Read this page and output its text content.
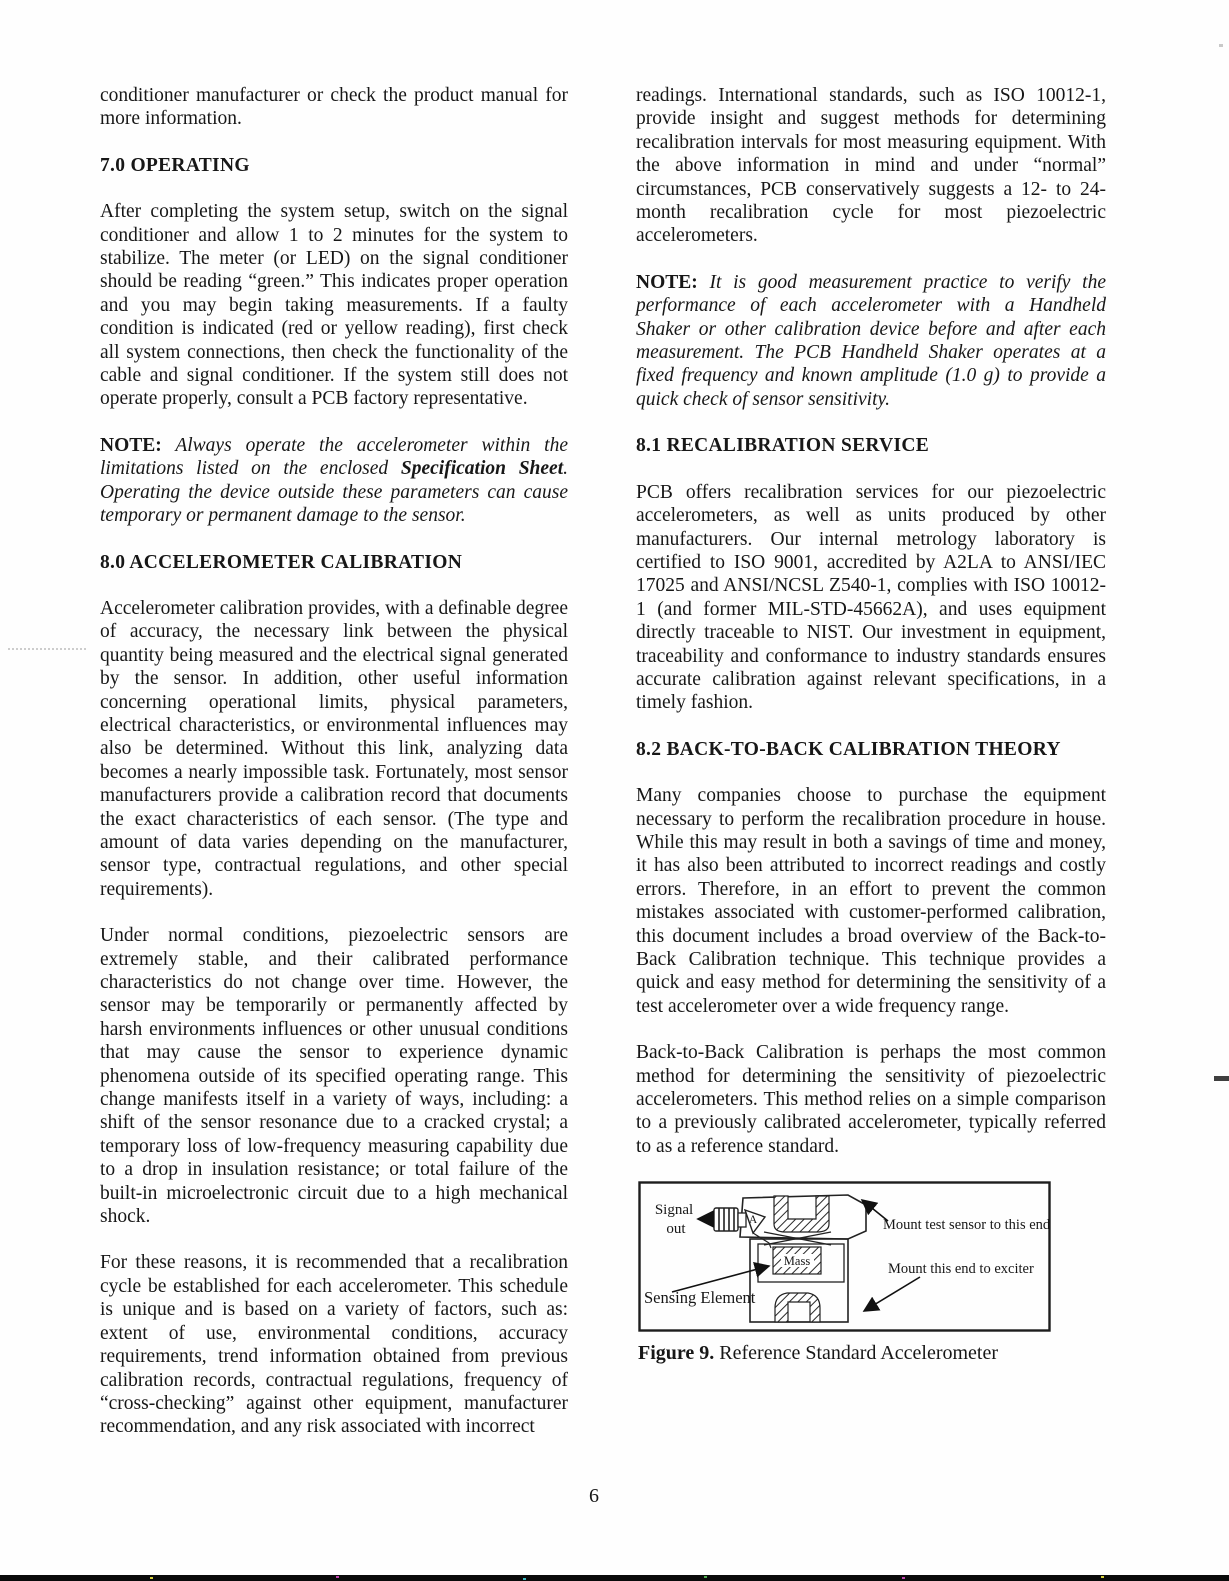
conditioner manufacturer or check the product manual for more information.

7.0 OPERATING

After completing the system setup, switch on the signal conditioner and allow 1 to 2 minutes for the system to stabilize. The meter (or LED) on the signal conditioner should be reading “green.” This indicates proper operation and you may begin taking measurements. If a faulty condition is indicated (red or yellow reading), first check all system connections, then check the functionality of the cable and signal conditioner. If the system still does not operate properly, consult a PCB factory representative.

NOTE: Always operate the accelerometer within the limitations listed on the enclosed Specification Sheet. Operating the device outside these parameters can cause temporary or permanent damage to the sensor.

8.0 ACCELEROMETER CALIBRATION

Accelerometer calibration provides, with a definable degree of accuracy, the necessary link between the physical quantity being measured and the electrical signal generated by the sensor. In addition, other useful information concerning operational limits, physical parameters, electrical characteristics, or environmental influences may also be determined. Without this link, analyzing data becomes a nearly impossible task. Fortunately, most sensor manufacturers provide a calibration record that documents the exact characteristics of each sensor. (The type and amount of data varies depending on the manufacturer, sensor type, contractual regulations, and other special requirements).

Under normal conditions, piezoelectric sensors are extremely stable, and their calibrated performance characteristics do not change over time. However, the sensor may be temporarily or permanently affected by harsh environments influences or other unusual conditions that may cause the sensor to experience dynamic phenomena outside of its specified operating range. This change manifests itself in a variety of ways, including: a shift of the sensor resonance due to a cracked crystal; a temporary loss of low-frequency measuring capability due to a drop in insulation resistance; or total failure of the built-in microelectronic circuit due to a high mechanical shock.

For these reasons, it is recommended that a recalibration cycle be established for each accelerometer. This schedule is unique and is based on a variety of factors, such as: extent of use, environmental conditions, accuracy requirements, trend information obtained from previous calibration records, contractual regulations, frequency of “cross-checking” against other equipment, manufacturer recommendation, and any risk associated with incorrect

readings. International standards, such as ISO 10012-1, provide insight and suggest methods for determining recalibration intervals for most measuring equipment. With the above information in mind and under “normal” circumstances, PCB conservatively suggests a 12- to 24-month recalibration cycle for most piezoelectric accelerometers.

NOTE: It is good measurement practice to verify the performance of each accelerometer with a Handheld Shaker or other calibration device before and after each measurement. The PCB Handheld Shaker operates at a fixed frequency and known amplitude (1.0 g) to provide a quick check of sensor sensitivity.

8.1 RECALIBRATION SERVICE

PCB offers recalibration services for our piezoelectric accelerometers, as well as units produced by other manufacturers. Our internal metrology laboratory is certified to ISO 9001, accredited by A2LA to ANSI/IEC 17025 and ANSI/NCSL Z540-1, complies with ISO 10012-1 (and former MIL-STD-45662A), and uses equipment directly traceable to NIST. Our investment in equipment, traceability and conformance to industry standards ensures accurate calibration against relevant specifications, in a timely fashion.

8.2 BACK-TO-BACK CALIBRATION THEORY

Many companies choose to purchase the equipment necessary to perform the recalibration procedure in house. While this may result in both a savings of time and money, it has also been attributed to incorrect readings and costly errors. Therefore, in an effort to prevent the common mistakes associated with customer-performed calibration, this document includes a broad overview of the Back-to-Back Calibration technique. This technique provides a quick and easy method for determining the sensitivity of a test accelerometer over a wide frequency range.

Back-to-Back Calibration is perhaps the most common method for determining the sensitivity of piezoelectric accelerometers. This method relies on a simple comparison to a previously calibrated accelerometer, typically referred to as a reference standard.

Mass
A
Signal
out	Mount test sensor to this end
Mount this end to exciter
Sensing Element

Figure 9. Reference Standard Accelerometer

6
